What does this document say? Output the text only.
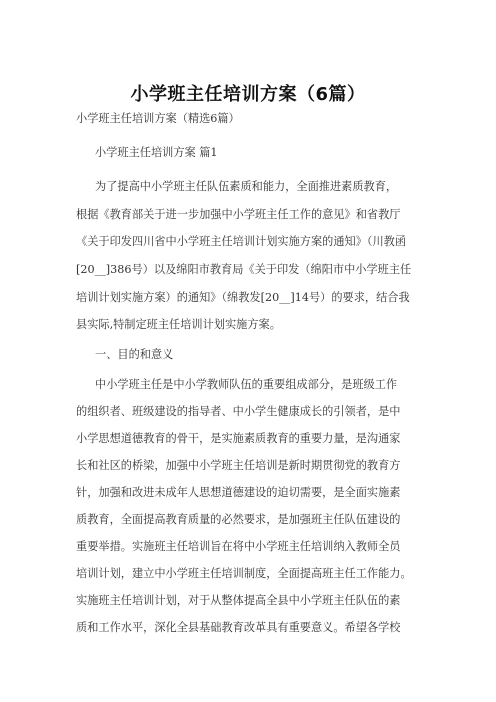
小学班主任培训方案（6篇）
小学班主任培训方案（精选6篇）
小学班主任培训方案 篇1
为了提高中小学班主任队伍素质和能力，全面推进素质教育，
根据《教育部关于进一步加强中小学班主任工作的意见》和省教厅
《关于印发四川省中小学班主任培训计划实施方案的通知》（川教函
[20__]386号）以及绵阳市教育局《关于印发（绵阳市中小学班主任
培训计划实施方案）的通知》（绵教发[20__]14号）的要求，结合我
县实际,特制定班主任培训计划实施方案。
一、目的和意义
中小学班主任是中小学教师队伍的重要组成部分，是班级工作
的组织者、班级建设的指导者、中小学生健康成长的引领者，是中
小学思想道德教育的骨干，是实施素质教育的重要力量，是沟通家
长和社区的桥梁，加强中小学班主任培训是新时期贯彻党的教育方
针，加强和改进未成年人思想道德建设的迫切需要，是全面实施素
质教育，全面提高教育质量的必然要求，是加强班主任队伍建设的
重要举措。实施班主任培训旨在将中小学班主任培训纳入教师全员
培训计划，建立中小学班主任培训制度，全面提高班主任工作能力。
实施班主任培训计划，对于从整体提高全县中小学班主任队伍的素
质和工作水平，深化全县基础教育改革具有重要意义。希望各学校
